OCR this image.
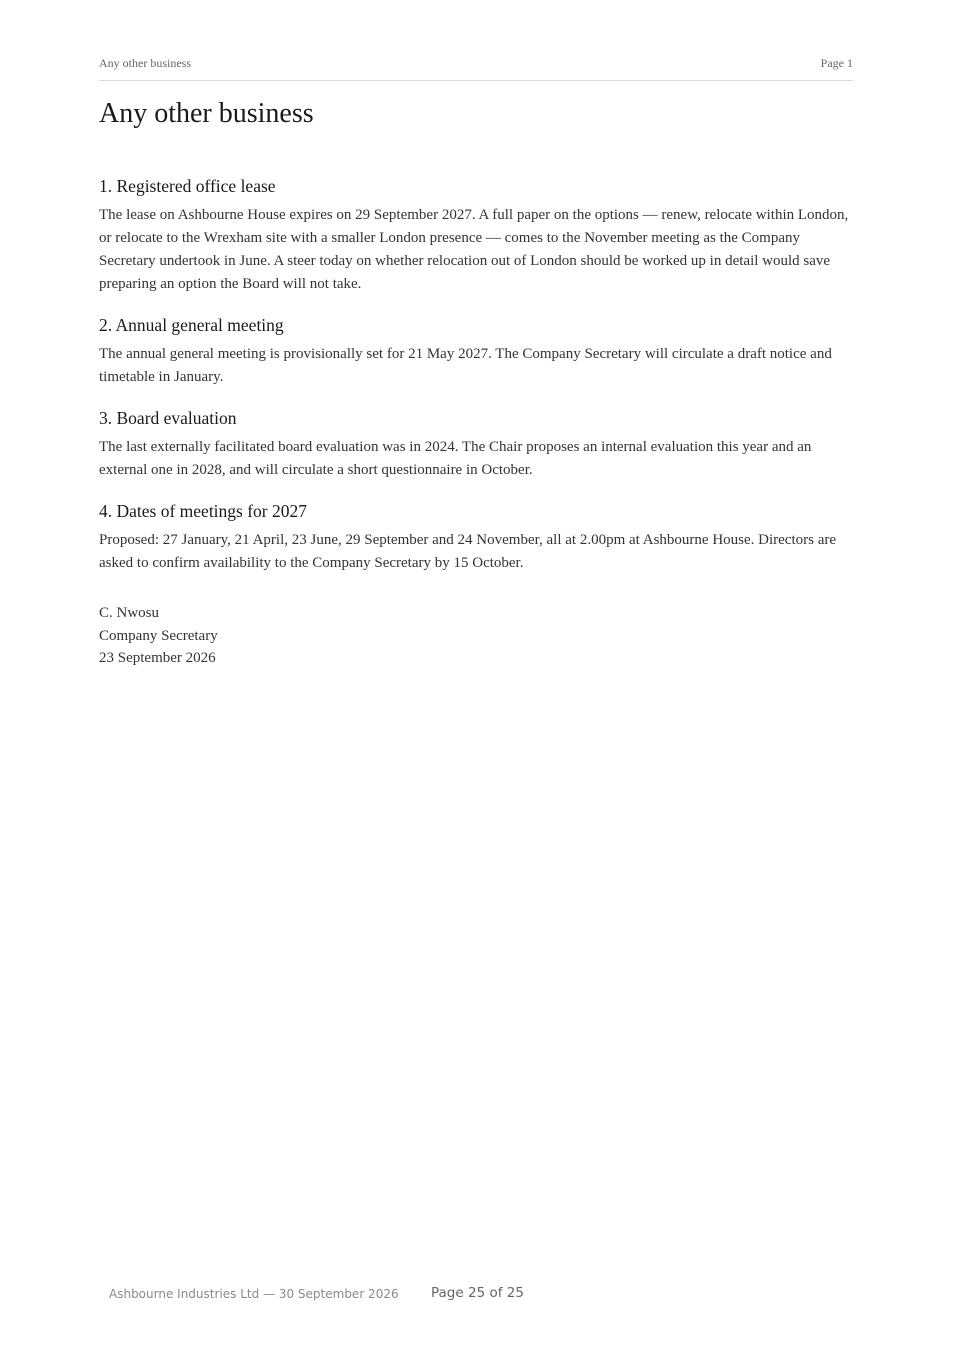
Any other business	Page 1
Any other business
1. Registered office lease

The lease on Ashbourne House expires on 29 September 2027. A full paper on the options — renew, relocate within London, or relocate to the Wrexham site with a smaller London presence — comes to the November meeting as the Company Secretary undertook in June. A steer today on whether relocation out of London should be worked up in detail would save preparing an option the Board will not take.

2. Annual general meeting

The annual general meeting is provisionally set for 21 May 2027. The Company Secretary will circulate a draft notice and timetable in January.

3. Board evaluation

The last externally facilitated board evaluation was in 2024. The Chair proposes an internal evaluation this year and an external one in 2028, and will circulate a short questionnaire in October.

4. Dates of meetings for 2027

Proposed: 27 January, 21 April, 23 June, 29 September and 24 November, all at 2.00pm at Ashbourne House. Directors are asked to confirm availability to the Company Secretary by 15 October.

C. Nwosu
Company Secretary
23 September 2026
Ashbourne Industries Ltd — 30 September 2026 Page 25 of 25
